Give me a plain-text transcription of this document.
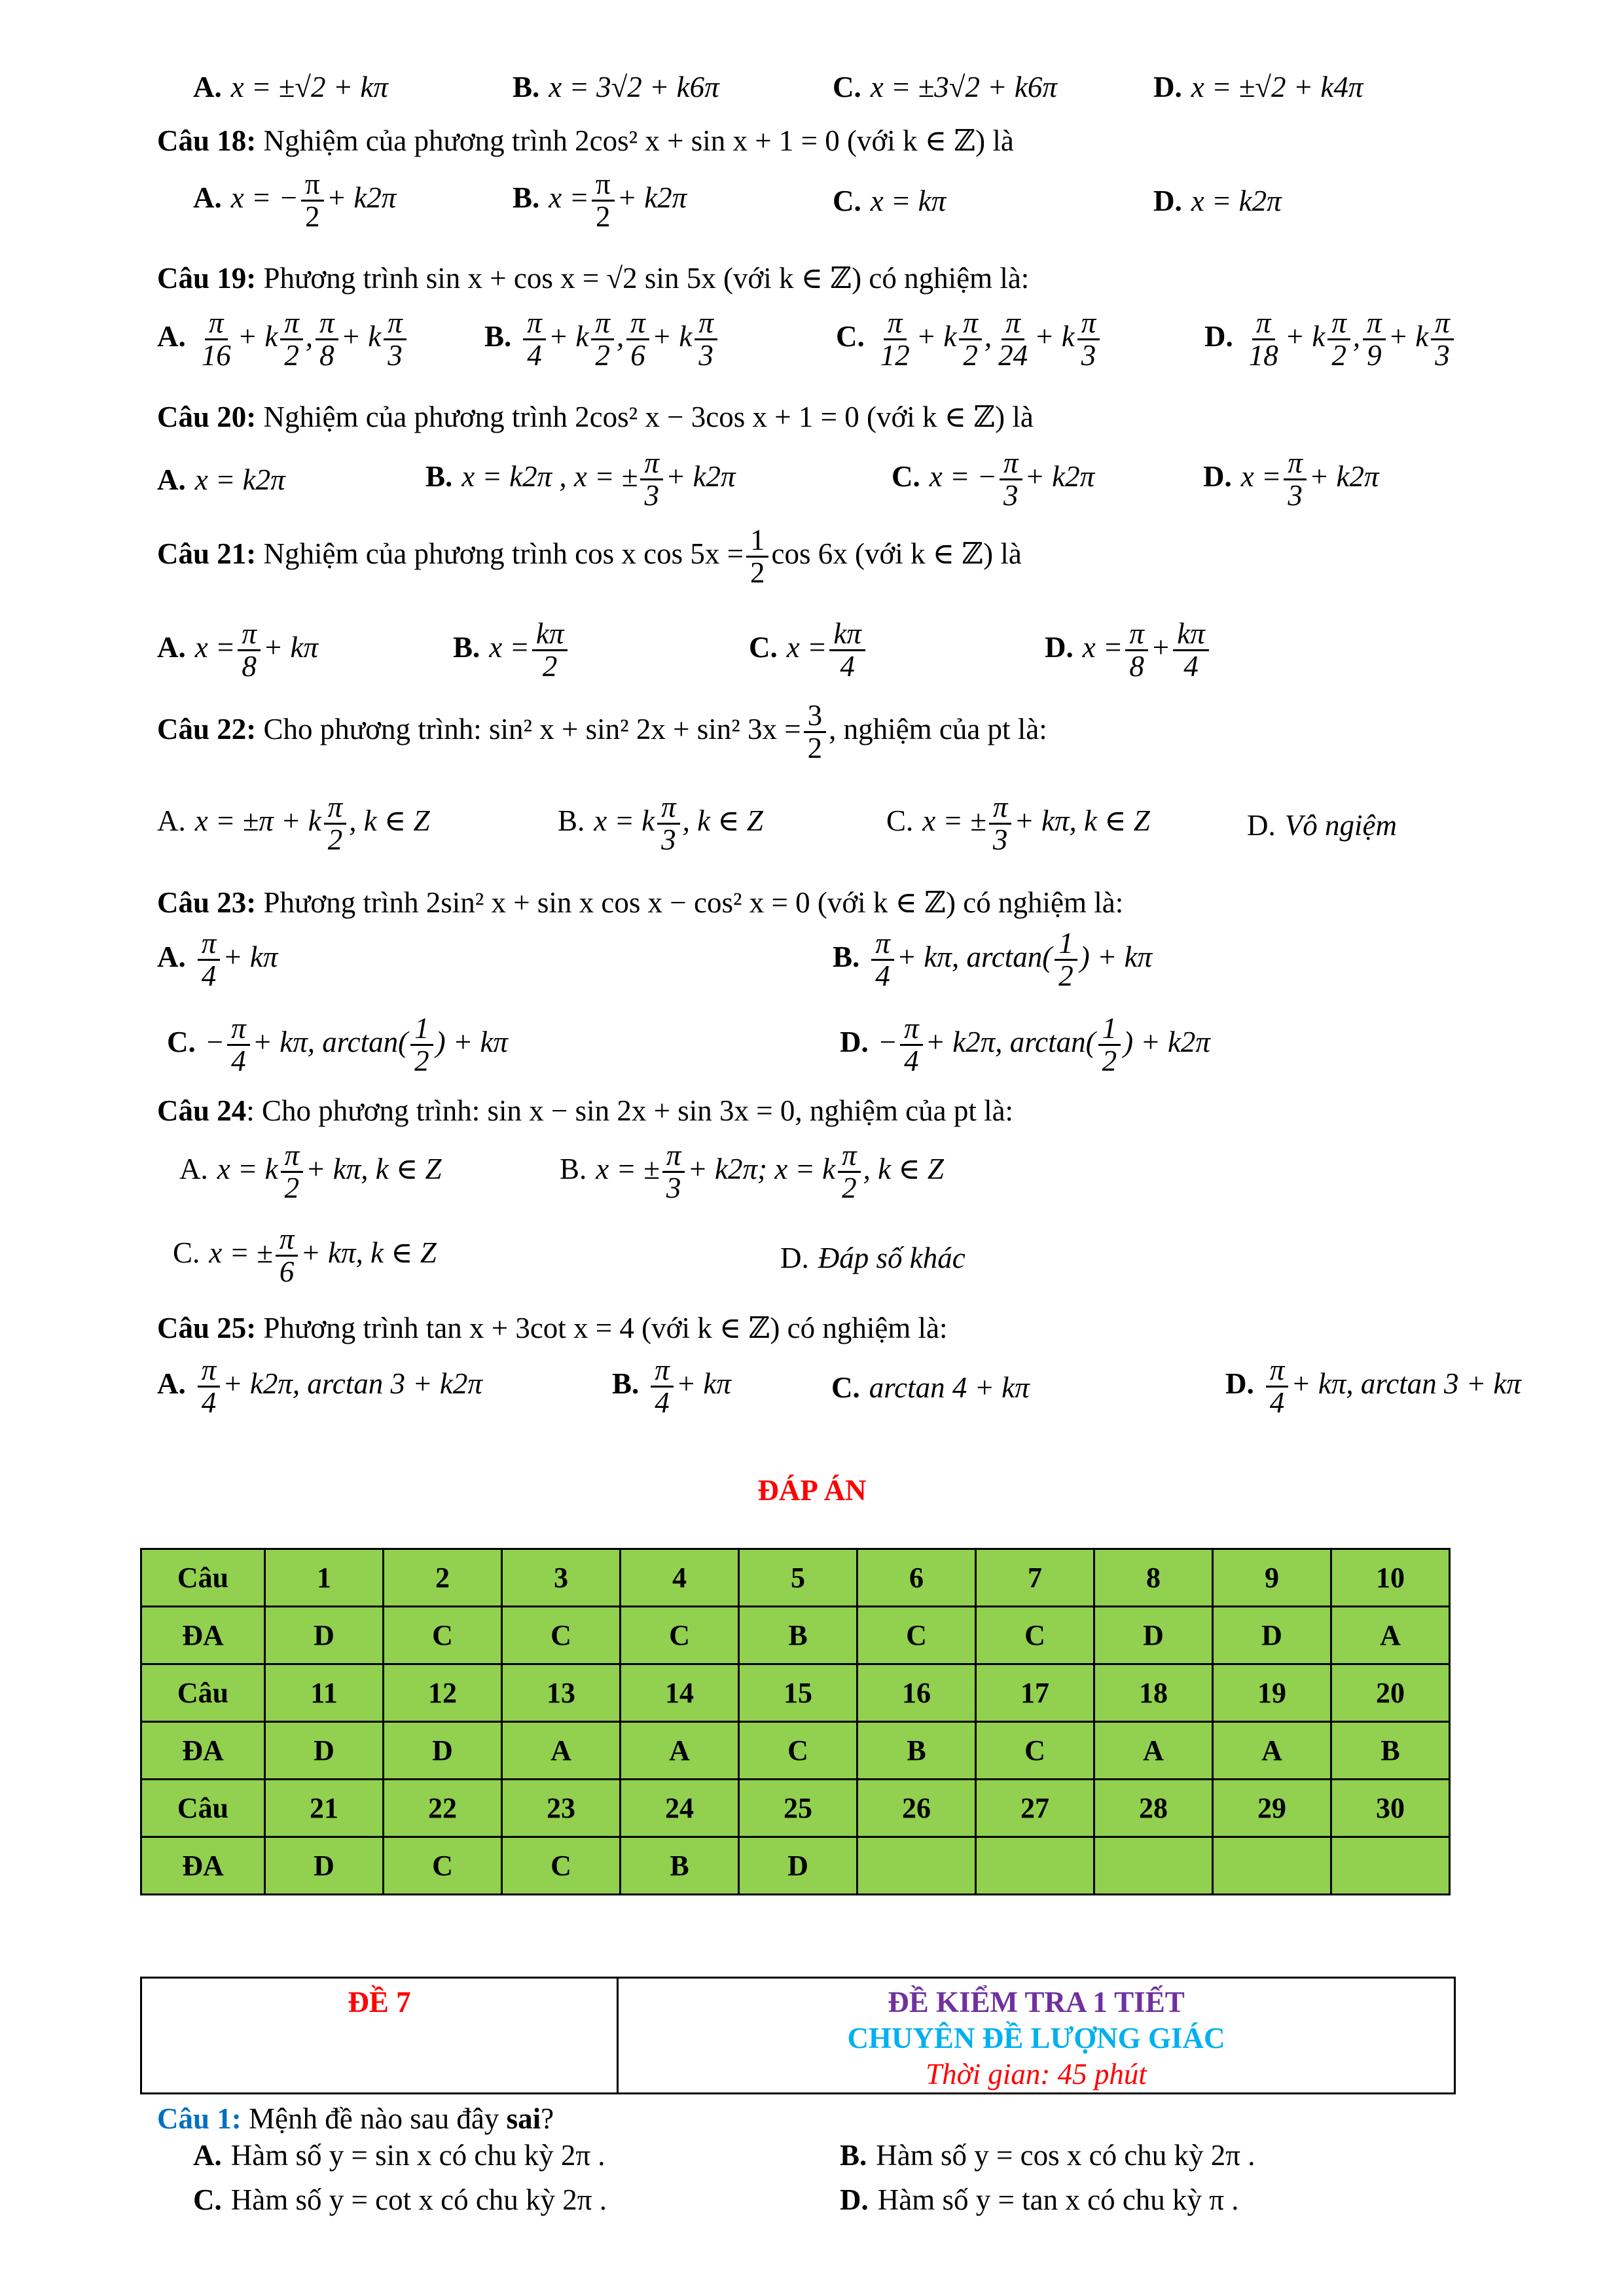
A. x = ±√2 + kπ	B. x = 3√2 + k6π	C. x = ±3√2 + k6π	D. x = ±√2 + k4π
Câu 18: Nghiệm của phương trình 2cos² x + sin x + 1 = 0 (với k ∈ ℤ) là
A. x = − $\frac{\pi}{2} + k2\pi$	B. $x = \frac{\pi}{2} + k2\pi$	C. x = kπ	D. x = k2π
Câu 19: Phương trình sin x + cos x = √2 sin 5x (với k ∈ ℤ) có nghiệm là:
A. $\frac{\pi}{16} + k \frac{\pi}{2}$ , $\frac{\pi}{8} + k \frac{\pi}{3}$	B. $\frac{\pi}{4} + k \frac{\pi}{2}$ , $\frac{\pi}{6} + k \frac{\pi}{3}$	C. $\frac{\pi}{12} + k \frac{\pi}{2}$ , $\frac{\pi}{24} + k \frac{\pi}{3}$	D. $\frac{\pi}{18} + k \frac{\pi}{2}$ , $\frac{\pi}{9} + k \frac{\pi}{3}$
Câu 20: Nghiệm của phương trình 2cos² x − 3cos x + 1 = 0 (với k ∈ ℤ) là
A. x = k2π	B. x = k2π , x = ± $\frac{\pi}{3} + k2\pi$	C. x = − $\frac{\pi}{3} + k2\pi$	D. $x = \frac{\pi}{3} + k2\pi$
Câu 21: Nghiệm của phương trình cos x $\cos 5x = \frac{1}{2}$ cos 6x (với k ∈ ℤ) là
A. $x = \frac{\pi}{8} + k\pi$	B. $x = \frac{k\pi}{2}$	C. $x = \frac{k\pi}{4}$	D. $x = \frac{\pi}{8} + \frac{k\pi}{4}$
Câu 22: Cho phương trình: sin² x + sin² 2x + sin² $3x = \frac{3}{2}$ , nghiệm của pt là:
A. x = ±π + k $\frac{\pi}{2}$ , k ∈ Z	B. x = k $\frac{\pi}{3}$ , k ∈ Z	C. x = ± $\frac{\pi}{3} + k\pi$, k ∈ Z	D. Vô ngiệm
Câu 23: Phương trình 2sin² x + sin x cos x − cos² x = 0 (với k ∈ ℤ) có nghiệm là:
A. $\frac{\pi}{4} + k\pi$	B. $\frac{\pi}{4} + k\pi$, $\arctan( \frac{1}{2}$ ) + kπ
C. − $\frac{\pi}{4} + k\pi$, $\arctan( \frac{1}{2}$ ) + kπ	D. − $\frac{\pi}{4} + k2\pi$, $\arctan( \frac{1}{2}$ ) + k2π
Câu 24: Cho phương trình: sin x − sin 2x + sin 3x = 0, nghiệm của pt là:
A. x = k $\frac{\pi}{2} + k\pi$, k ∈ Z	B. x = ± $\frac{\pi}{3} + k2\pi$; x = k $\frac{\pi}{2}$ , k ∈ Z
C. x = ± $\frac{\pi}{6} + k\pi$, k ∈ Z	D. Đáp số khác
Câu 25: Phương trình tan x + 3cot x = 4 (với k ∈ ℤ) có nghiệm là:
A. $\frac{\pi}{4} + k2\pi$, arctan 3 + k2π	B. $\frac{\pi}{4} + k\pi$	C. arctan 4 + kπ	D. $\frac{\pi}{4} + k\pi$, arctan 3 + kπ
ĐÁP ÁN
Câu	1	2	3	4	5	6	7	8	9	10
ĐA	D	C	C	C	B	C	C	D	D	A
Câu	11	12	13	14	15	16	17	18	19	20
ĐA	D	D	A	A	C	B	C	A	A	B
Câu	21	22	23	24	25	26	27	28	29	30
ĐA	D	C	C	B	D					
ĐỀ 7	ĐỀ KIỂM TRA 1 TIẾT
CHUYÊN ĐỀ LƯỢNG GIÁC
Thời gian: 45 phút
Câu 1: Mệnh đề nào sau đây sai?
A. Hàm số y = sin x có chu kỳ 2π .	B. Hàm số y = cos x có chu kỳ 2π .
C. Hàm số y = cot x có chu kỳ 2π .	D. Hàm số y = tan x có chu kỳ π .
